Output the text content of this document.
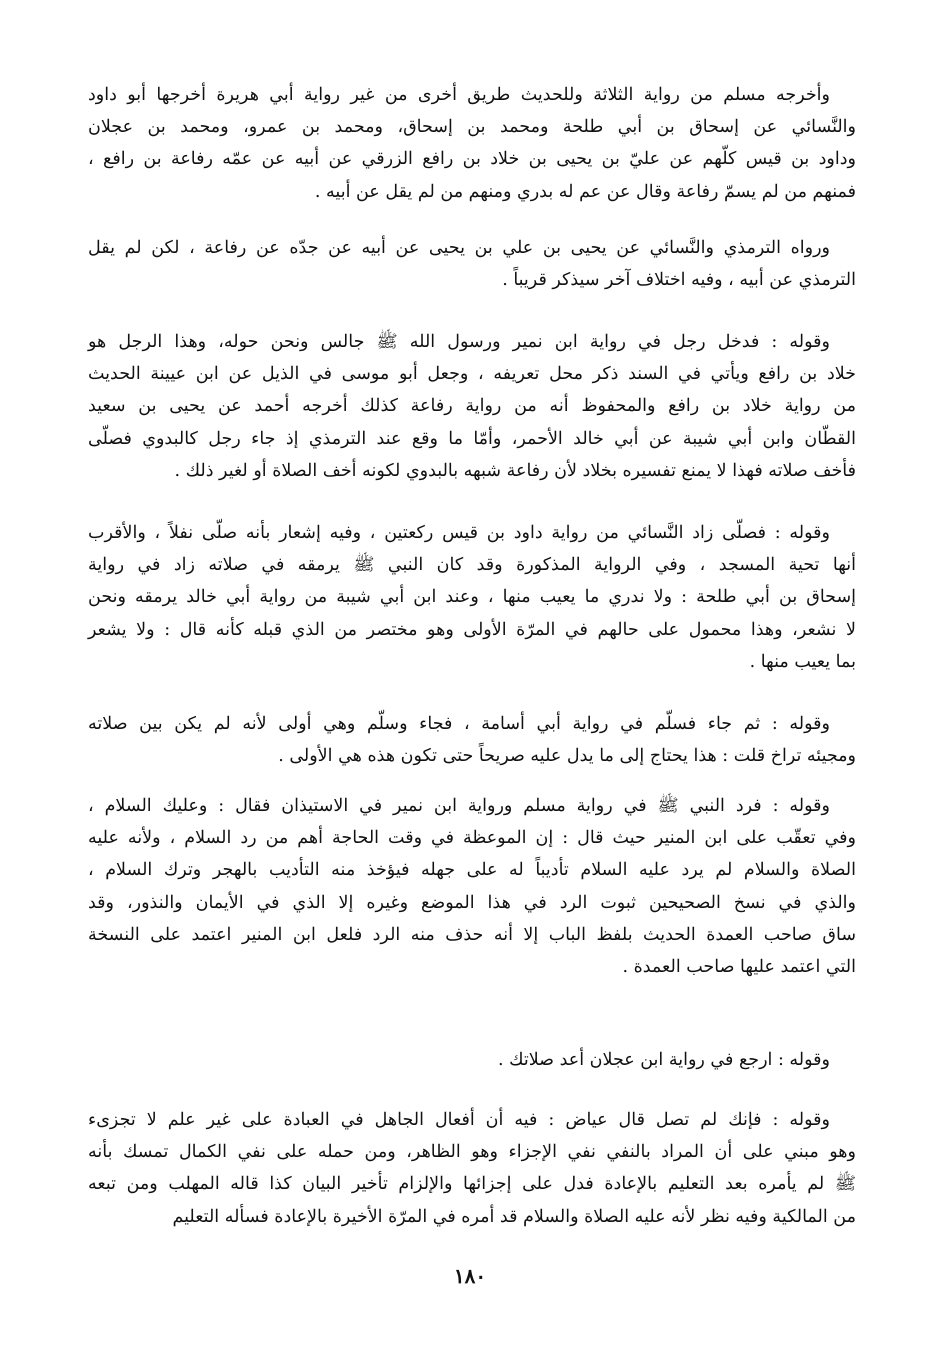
وأخرجه مسلم من رواية الثلاثة وللحديث طريق أخرى من غير رواية أبي هريرة أخرجها أبو داود
والنَّسائي عن إسحاق بن أبي طلحة ومحمد بن إسحاق، ومحمد بن عمرو، ومحمد بن عجلان
وداود بن قيس كلّهم عن عليّ بن يحيى بن خلاد بن رافع الزرقي عن أبيه عن عمّه رفاعة بن رافع ،
فمنهم من لم يسمّ رفاعة وقال عن عم له بدري ومنهم من لم يقل عن أبيه .
ورواه الترمذي والنَّسائي عن يحيى بن علي بن يحيى عن أبيه عن جدّه عن رفاعة ، لكن لم يقل
الترمذي عن أبيه ، وفيه اختلاف آخر سيذكر قريباً .
وقوله : فدخل رجل في رواية ابن نمير ورسول الله ﷺ جالس ونحن حوله، وهذا الرجل هو
خلاد بن رافع ويأتي في السند ذكر محل تعريفه ، وجعل أبو موسى في الذيل عن ابن عيينة الحديث
من رواية خلاد بن رافع والمحفوظ أنه من رواية رفاعة كذلك أخرجه أحمد عن يحيى بن سعيد
القطّان وابن أبي شيبة عن أبي خالد الأحمر، وأمّا ما وقع عند الترمذي إذ جاء رجل كالبدوي فصلّى
فأخف صلاته فهذا لا يمنع تفسيره بخلاد لأن رفاعة شبهه بالبدوي لكونه أخف الصلاة أو لغير ذلك .
وقوله : فصلّى زاد النَّسائي من رواية داود بن قيس ركعتين ، وفيه إشعار بأنه صلّى نفلاً ، والأقرب
أنها تحية المسجد ، وفي الرواية المذكورة وقد كان النبي ﷺ يرمقه في صلاته زاد في رواية
إسحاق بن أبي طلحة : ولا ندري ما يعيب منها ، وعند ابن أبي شيبة من رواية أبي خالد يرمقه ونحن
لا نشعر، وهذا محمول على حالهم في المرّة الأولى وهو مختصر من الذي قبله كأنه قال : ولا يشعر
بما يعيب منها .
وقوله : ثم جاء فسلّم في رواية أبي أسامة ، فجاء وسلّم وهي أولى لأنه لم يكن بين صلاته
ومجيئه تراخ قلت : هذا يحتاج إلى ما يدل عليه صريحاً حتى تكون هذه هي الأولى .
وقوله : فرد النبي ﷺ في رواية مسلم ورواية ابن نمير في الاستيذان فقال : وعليك السلام ،
وفي تعقّب على ابن المنير حيث قال : إن الموعظة في وقت الحاجة أهم من رد السلام ، ولأنه عليه
الصلاة والسلام لم يرد عليه السلام تأديباً له على جهله فيؤخذ منه التأديب بالهجر وترك السلام ،
والذي في نسخ الصحيحين ثبوت الرد في هذا الموضع وغيره إلا الذي في الأيمان والنذور، وقد
ساق صاحب العمدة الحديث بلفظ الباب إلا أنه حذف منه الرد فلعل ابن المنير اعتمد على النسخة
التي اعتمد عليها صاحب العمدة .
وقوله : ارجع في رواية ابن عجلان أعد صلاتك .
وقوله : فإنك لم تصل قال عياض : فيه أن أفعال الجاهل في العبادة على غير علم لا تجزىء
وهو مبني على أن المراد بالنفي نفي الإجزاء وهو الظاهر، ومن حمله على نفي الكمال تمسك بأنه
ﷺ لم يأمره بعد التعليم بالإعادة فدل على إجزائها والإلزام تأخير البيان كذا قاله المهلب ومن تبعه
من المالكية وفيه نظر لأنه عليه الصلاة والسلام قد أمره في المرّة الأخيرة بالإعادة فسأله التعليم
١٨٠
